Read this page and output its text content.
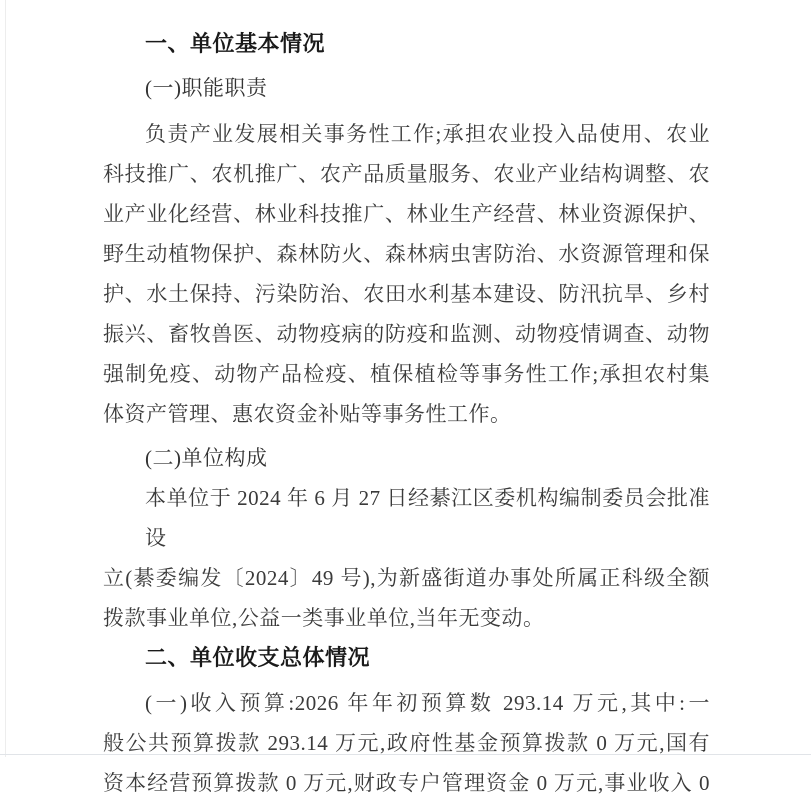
一、单位基本情况
(一)职能职责
负责产业发展相关事务性工作;承担农业投入品使用、农业
科技推广、农机推广、农产品质量服务、农业产业结构调整、农
业产业化经营、林业科技推广、林业生产经营、林业资源保护、
野生动植物保护、森林防火、森林病虫害防治、水资源管理和保
护、水土保持、污染防治、农田水利基本建设、防汛抗旱、乡村
振兴、畜牧兽医、动物疫病的防疫和监测、动物疫情调查、动物
强制免疫、动物产品检疫、植保植检等事务性工作;承担农村集
体资产管理、惠农资金补贴等事务性工作。
(二)单位构成
本单位于 2024 年 6 月 27 日经綦江区委机构编制委员会批准设
立(綦委编发〔2024〕49 号),为新盛街道办事处所属正科级全额
拨款事业单位,公益一类事业单位,当年无变动。
二、单位收支总体情况
(一)收入预算:2026 年年初预算数 293.14 万元,其中:一
般公共预算拨款 293.14 万元,政府性基金预算拨款 0 万元,国有
资本经营预算拨款 0 万元,财政专户管理资金 0 万元,事业收入 0
